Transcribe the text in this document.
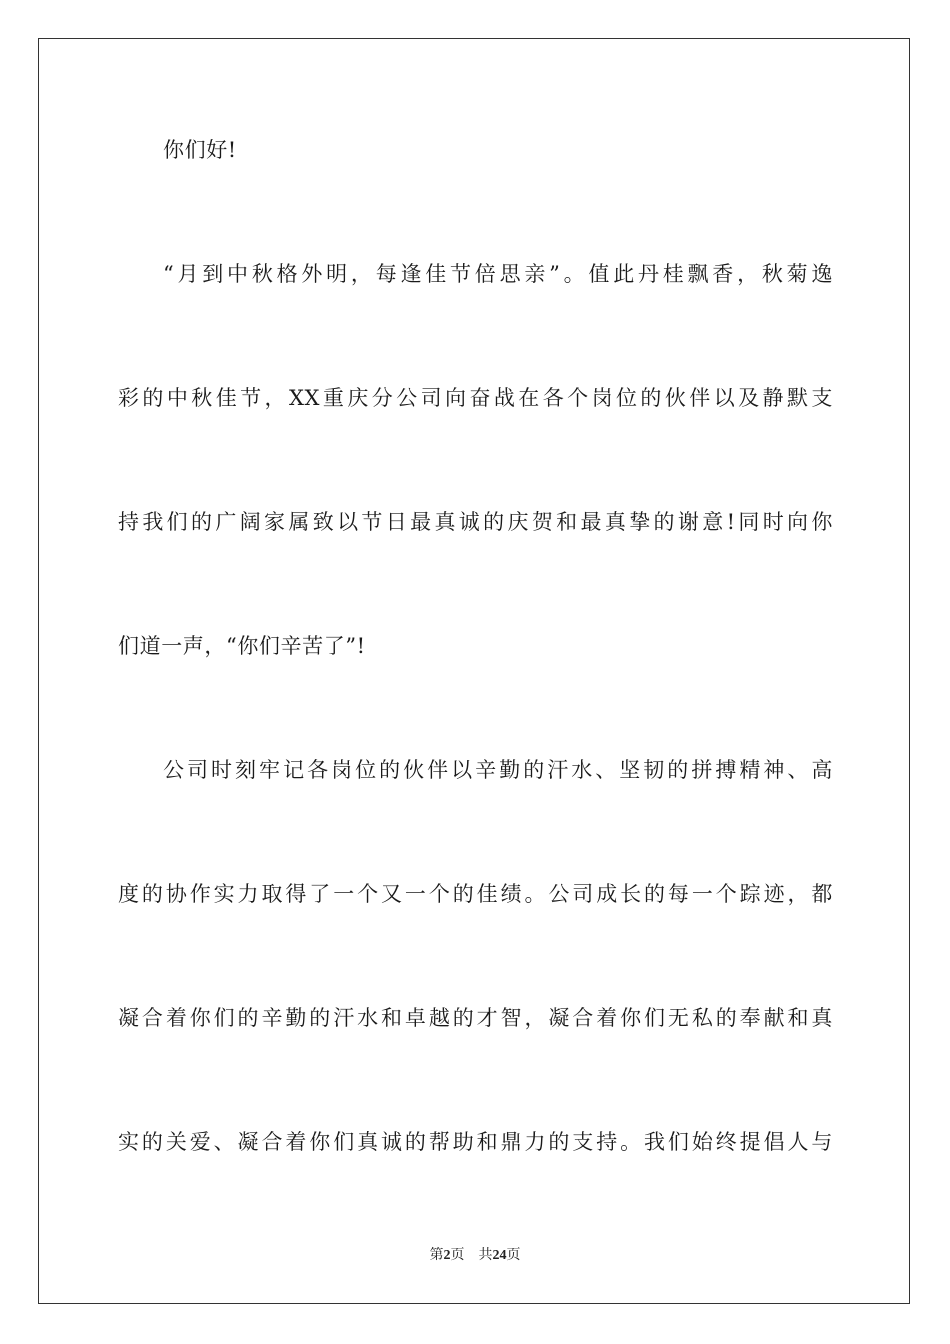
你们好!
“月到中秋格外明，每逢佳节倍思亲”。值此丹桂飘香，秋菊逸
彩的中秋佳节，XX重庆分公司向奋战在各个岗位的伙伴以及静默支
持我们的广阔家属致以节日最真诚的庆贺和最真挚的谢意!同时向你
们道一声，“你们辛苦了”!
公司时刻牢记各岗位的伙伴以辛勤的汗水、坚韧的拼搏精神、高
度的协作实力取得了一个又一个的佳绩。公司成长的每一个踪迹，都
凝合着你们的辛勤的汗水和卓越的才智，凝合着你们无私的奉献和真
实的关爱、凝合着你们真诚的帮助和鼎力的支持。我们始终提倡人与
第2页 共24页
